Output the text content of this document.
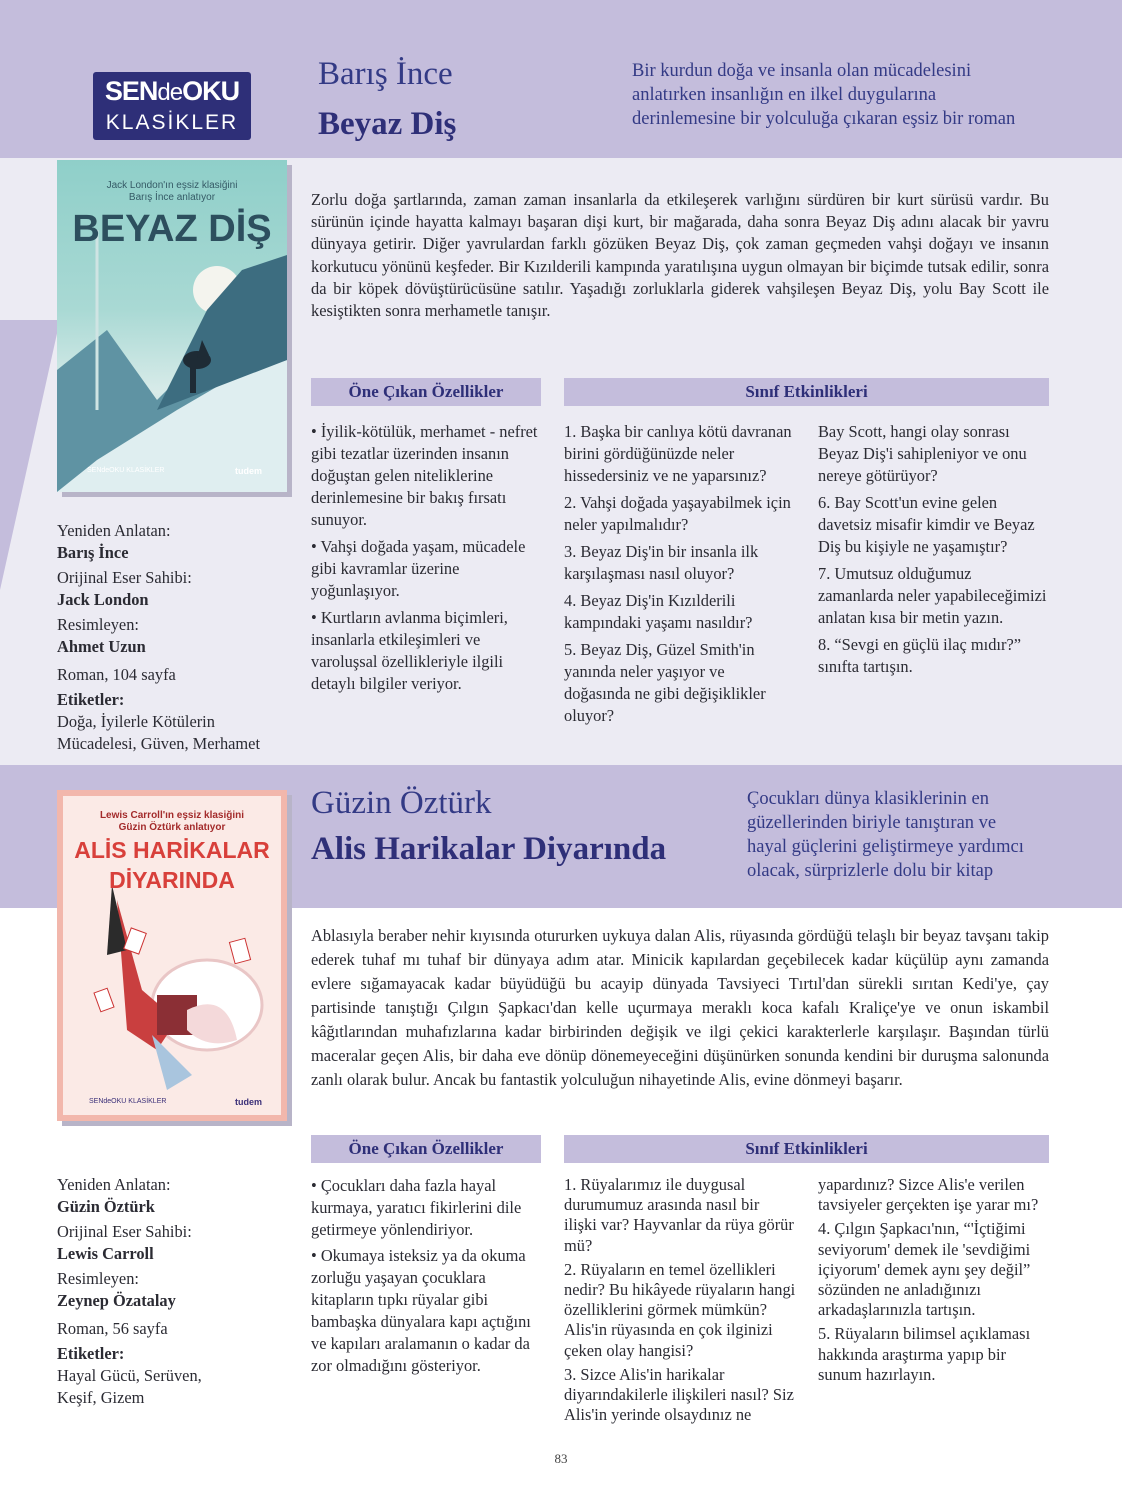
SENdeOKU
KLASİKLER
Barış İnce
Beyaz Diş
Bir kurdun doğa ve insanla olan mücadelesini
anlatırken insanlığın en ilkel duygularına
derinlemesine bir yolculuğa çıkaran eşsiz bir roman
Jack London'ın eşsiz klasiğini
Barış İnce anlatıyor
BEYAZ DİŞ
SENdeOKU KLASİKLER	tudem
Zorlu doğa şartlarında, zaman zaman insanlarla da etkileşerek varlığını sürdüren bir kurt sürüsü vardır. Bu sürünün içinde hayatta kalmayı başaran dişi kurt, bir mağarada, daha sonra Beyaz Diş adını alacak bir yavru dünyaya getirir. Diğer yavrulardan farklı gözüken Beyaz Diş, çok zaman geçmeden vahşi doğayı ve insanın korkutucu yönünü keşfeder. Bir Kızılderili kampında yaratılışına uygun olmayan bir biçimde tutsak edilir, sonra da bir köpek dövüştürücüsüne satılır. Yaşadığı zorluklarla giderek vahşileşen Beyaz Diş, yolu Bay Scott ile kesiştikten sonra merhametle tanışır.
Öne Çıkan Özellikler	Sınıf Etkinlikleri

• İyilik-kötülük, merhamet - nefret gibi tezatlar üzerinden insanın doğuştan gelen niteliklerine derinlemesine bir bakış fırsatı sunuyor.

• Vahşi doğada yaşam, mücadele gibi kavramlar üzerine yoğunlaşıyor.

• Kurtların avlanma biçimleri, insanlarla etkileşimleri ve varoluşsal özellikleriyle ilgili detaylı bilgiler veriyor.

1. Başka bir canlıya kötü davranan birini gördüğünüzde neler hissedersiniz ve ne yaparsınız?

2. Vahşi doğada yaşayabilmek için neler yapılmalıdır?

3. Beyaz Diş'in bir insanla ilk karşılaşması nasıl oluyor?

4. Beyaz Diş'in Kızılderili kampındaki yaşamı nasıldır?

5. Beyaz Diş, Güzel Smith'in yanında neler yaşıyor ve doğasında ne gibi değişiklikler oluyor?

Bay Scott, hangi olay sonrası Beyaz Diş'i sahipleniyor ve onu nereye götürüyor?

6. Bay Scott'un evine gelen davetsiz misafir kimdir ve Beyaz Diş bu kişiyle ne yaşamıştır?

7. Umutsuz olduğumuz zamanlarda neler yapabileceğimizi anlatan kısa bir metin yazın.

8. “Sevgi en güçlü ilaç mıdır?” sınıfta tartışın.

Yeniden Anlatan:
Barış İnce
Orijinal Eser Sahibi:
Jack London
Resimleyen:
Ahmet Uzun
Roman, 104 sayfa
Etiketler:
Doğa, İyilerle Kötülerin Mücadelesi, Güven, Merhamet
Güzin Öztürk
Alis Harikalar Diyarında
Çocukları dünya klasiklerinin en
güzellerinden biriyle tanıştıran ve
hayal güçlerini geliştirmeye yardımcı
olacak, sürprizlerle dolu bir kitap
Lewis Carroll'ın eşsiz klasiğini
Güzin Öztürk anlatıyor
ALİS HARİKALAR
DİYARINDA
SENdeOKU KLASİKLER	tudem
Ablasıyla beraber nehir kıyısında otururken uykuya dalan Alis, rüyasında gördüğü telaşlı bir beyaz tavşanı takip ederek tuhaf mı tuhaf bir dünyaya adım atar. Minicik kapılardan geçebilecek kadar küçülüp aynı zamanda evlere sığamayacak kadar büyüdüğü bu acayip dünyada Tavsiyeci Tırtıl'dan sürekli sırıtan Kedi'ye, çay partisinde tanıştığı Çılgın Şapkacı'dan kelle uçurmaya meraklı koca kafalı Kraliçe'ye ve onun iskambil kâğıtlarından muhafızlarına kadar birbirinden değişik ve ilgi çekici karakterlerle karşılaşır. Başından türlü maceralar geçen Alis, bir daha eve dönüp dönemeyeceğini düşünürken sonunda kendini bir duruşma salonunda zanlı olarak bulur. Ancak bu fantastik yolculuğun nihayetinde Alis, evine dönmeyi başarır.
Öne Çıkan Özellikler	Sınıf Etkinlikleri

• Çocukları daha fazla hayal kurmaya, yaratıcı fikirlerini dile getirmeye yönlendiriyor.

• Okumaya isteksiz ya da okuma zorluğu yaşayan çocuklara kitapların tıpkı rüyalar gibi bambaşka dünyalara kapı açtığını ve kapıları aralamanın o kadar da zor olmadığını gösteriyor.

1. Rüyalarımız ile duygusal durumumuz arasında nasıl bir ilişki var? Hayvanlar da rüya görür mü?

2. Rüyaların en temel özellikleri nedir? Bu hikâyede rüyaların hangi özelliklerini görmek mümkün? Alis'in rüyasında en çok ilginizi çeken olay hangisi?

3. Sizce Alis'in harikalar diyarındakilerle ilişkileri nasıl? Siz Alis'in yerinde olsaydınız ne

yapardınız? Sizce Alis'e verilen tavsiyeler gerçekten işe yarar mı?

4. Çılgın Şapkacı'nın, “'İçtiğimi seviyorum' demek ile 'sevdiğimi içiyorum' demek aynı şey değil” sözünden ne anladığınızı arkadaşlarınızla tartışın.

5. Rüyaların bilimsel açıklaması hakkında araştırma yapıp bir sunum hazırlayın.

Yeniden Anlatan:
Güzin Öztürk
Orijinal Eser Sahibi:
Lewis Carroll
Resimleyen:
Zeynep Özatalay
Roman, 56 sayfa
Etiketler:
Hayal Gücü, Serüven, Keşif, Gizem
83
